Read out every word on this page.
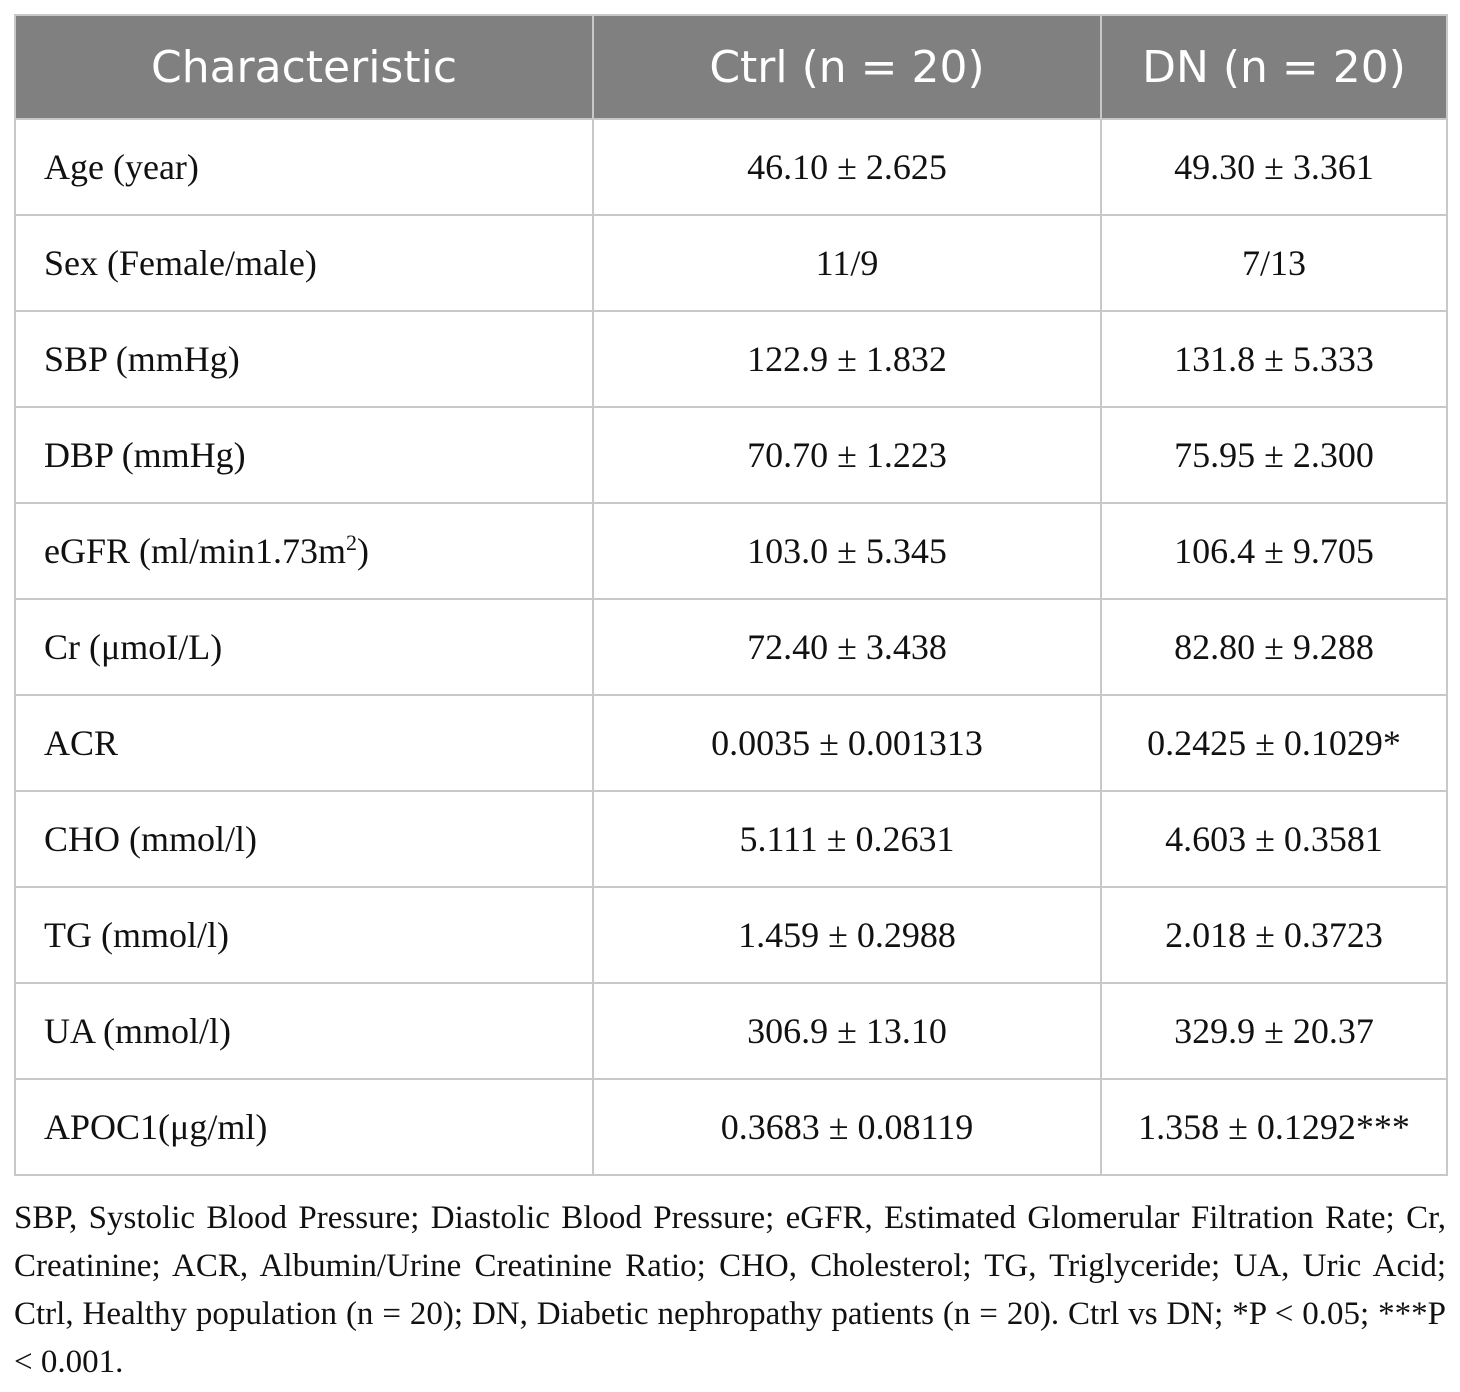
Characteristic	Ctrl (n = 20)	DN (n = 20)
Age (year)	46.10 ± 2.625	49.30 ± 3.361
Sex (Female/male)	11/9	7/13
SBP (mmHg)	122.9 ± 1.832	131.8 ± 5.333
DBP (mmHg)	70.70 ± 1.223	75.95 ± 2.300
eGFR $(ml/\min 1.73m^2)$	103.0 ± 5.345	106.4 ± 9.705
Cr (μmoI/L)	72.40 ± 3.438	82.80 ± 9.288
ACR	0.0035 ± 0.001313	0.2425 ± 0.1029*
CHO (mmol/l)	5.111 ± 0.2631	4.603 ± 0.3581
TG (mmol/l)	1.459 ± 0.2988	2.018 ± 0.3723
UA (mmol/l)	306.9 ± 13.10	329.9 ± 20.37
APOC1(μg/ml)	0.3683 ± 0.08119	1.358 ± 0.1292***
SBP, Systolic Blood Pressure; Diastolic Blood Pressure; eGFR, Estimated Glomerular Filtration Rate; Cr, Creatinine; ACR, Albumin/Urine Creatinine Ratio; CHO, Cholesterol; TG, Triglyceride; UA, Uric Acid; Ctrl, Healthy population (n = 20); DN, Diabetic nephropathy patients (n = 20). Ctrl vs DN; *P < 0.05; ***P < 0.001.
